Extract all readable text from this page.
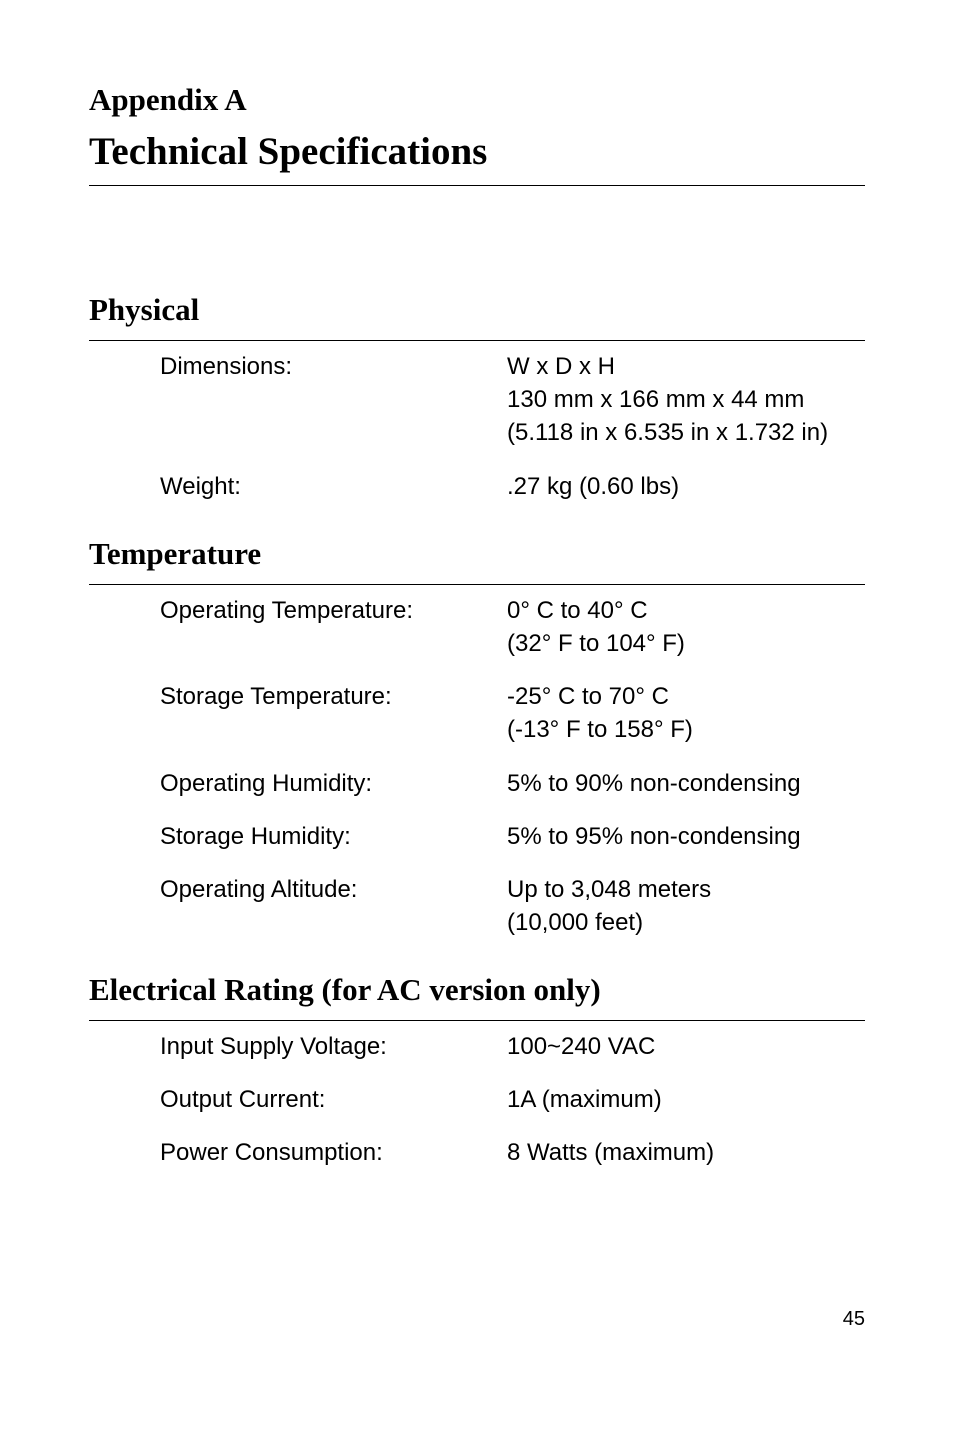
Appendix A
Technical Specifications
Physical
Dimensions:	W x D x H
130 mm x 166 mm x 44 mm
(5.118 in x 6.535 in x 1.732 in)
Weight:	.27 kg (0.60 lbs)
Temperature
Operating Temperature:	0° C to 40° C
(32° F to 104° F)
Storage Temperature:	-25° C to 70° C
(-13° F to 158° F)
Operating Humidity:	5% to 90% non-condensing
Storage Humidity:	5% to 95% non-condensing
Operating Altitude:	Up to 3,048 meters
(10,000 feet)
Electrical Rating (for AC version only)
Input Supply Voltage:	100~240 VAC
Output Current:	1A (maximum)
Power Consumption:	8 Watts (maximum)
45
